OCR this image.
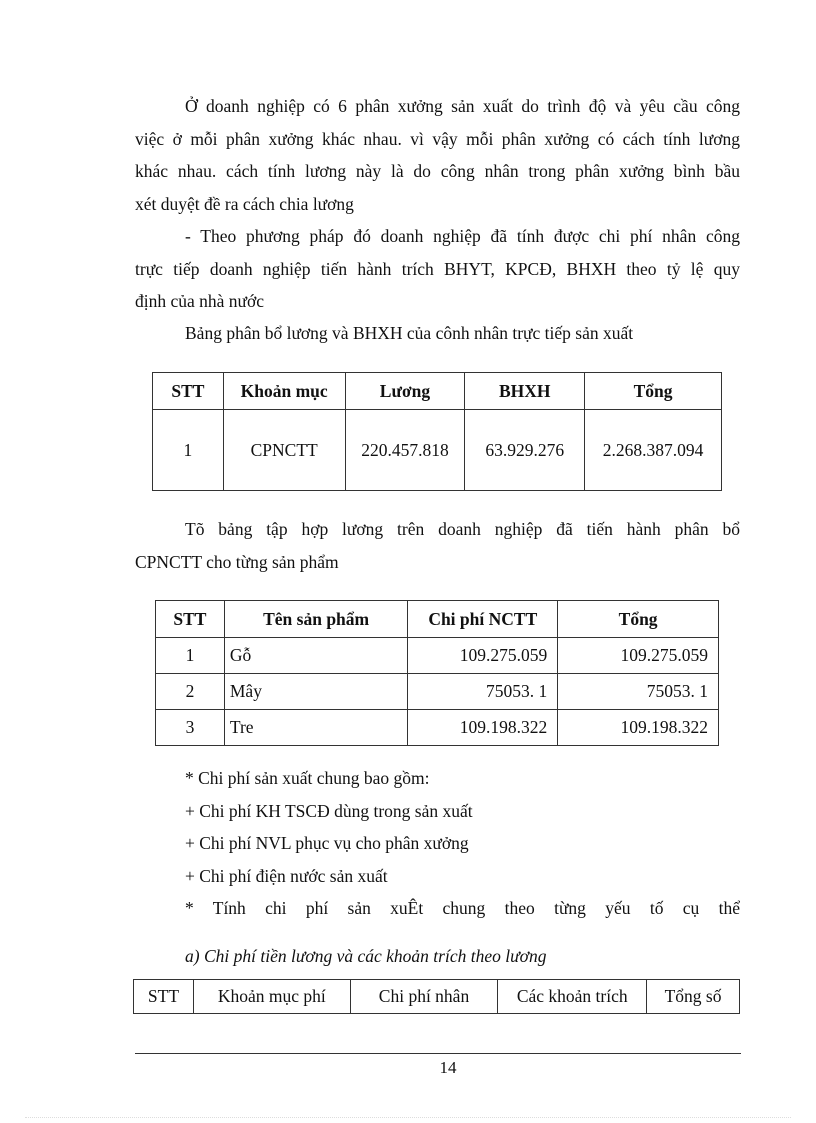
Ở doanh nghiệp có 6 phân xưởng sản xuất do trình độ và yêu cầu công
việc ở mỗi phân xưởng khác nhau. vì vậy mỗi phân xưởng có cách tính lương
khác nhau. cách tính lương này là do công nhân trong phân xưởng bình bầu
xét duyệt đề ra cách chia lương
- Theo phương pháp đó doanh nghiệp đã tính được chi phí nhân công
trực tiếp doanh nghiệp tiến hành trích BHYT, KPCĐ, BHXH theo tỷ lệ quy
định của nhà nước

Bảng phân bổ lương và BHXH của cônh nhân trực tiếp sản xuất

STT	Khoản mục	Lương	BHXH	Tổng
1	CPNCTT	220.457.818	63.929.276	2.268.387.094
Tõ bảng tập hợp lương trên doanh nghiệp đã tiến hành phân bổ
CPNCTT cho từng sản phẩm
STT	Tên sản phẩm	Chi phí NCTT	Tổng
1	Gỗ	109.275.059	109.275.059
2	Mây	75053. 1	75053. 1
3	Tre	109.198.322	109.198.322

* Chi phí sản xuất chung bao gồm:

+ Chi phí KH TSCĐ dùng trong sản xuất

+ Chi phí NVL phục vụ cho phân xưởng

+ Chi phí điện nước sản xuất

* Tính chi phí sản xuÊt chung theo từng yếu tố cụ thể

a) Chi phí tiền lương và các khoản trích theo lương
STT	Khoản mục phí	Chi phí nhân	Các khoản trích	Tổng số
14
